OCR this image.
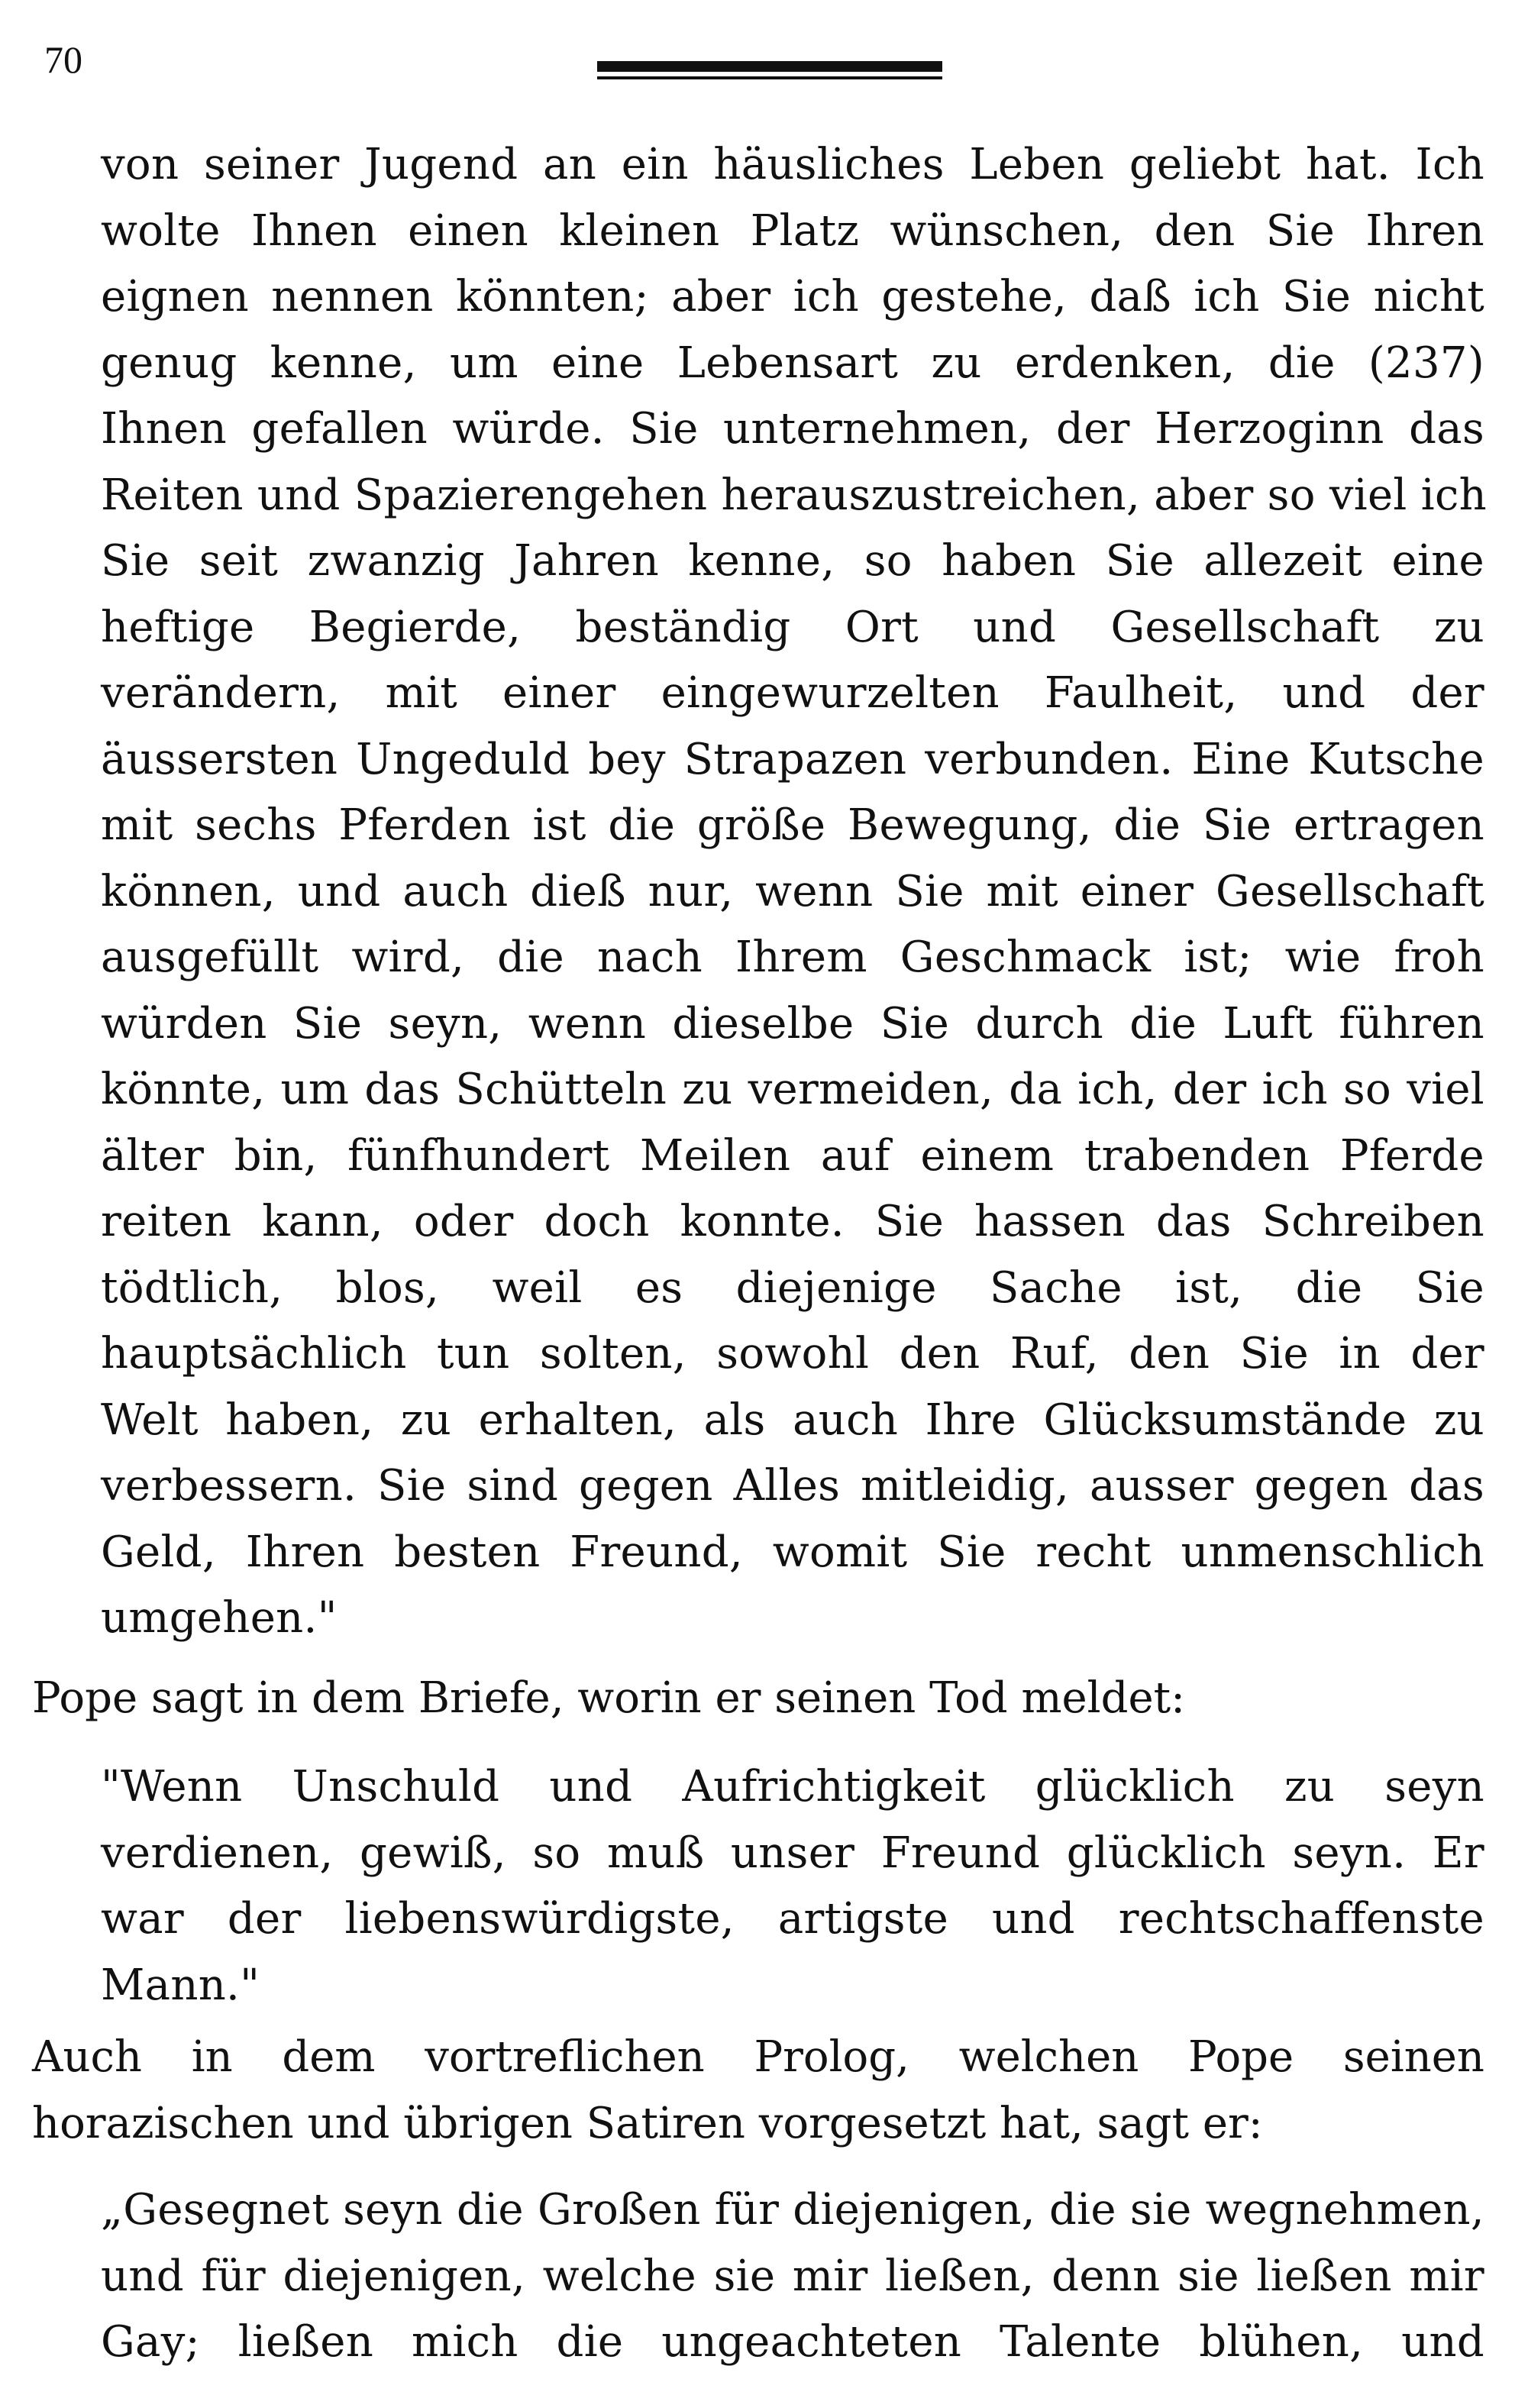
70
von seiner Jugend an ein häusliches Leben geliebt hat. Ich
wolte Ihnen einen kleinen Platz wünschen, den Sie Ihren
eignen nennen könnten; aber ich gestehe, daß ich Sie nicht
genug kenne, um eine Lebensart zu erdenken, die (237)
Ihnen gefallen würde. Sie unternehmen, der Herzoginn das
Reiten und Spazierengehen herauszustreichen, aber so viel ich
Sie seit zwanzig Jahren kenne, so haben Sie allezeit eine
heftige Begierde, beständig Ort und Gesellschaft zu
verändern, mit einer eingewurzelten Faulheit, und der
äussersten Ungeduld bey Strapazen verbunden. Eine Kutsche
mit sechs Pferden ist die größe Bewegung, die Sie ertragen
können, und auch dieß nur, wenn Sie mit einer Gesellschaft
ausgefüllt wird, die nach Ihrem Geschmack ist; wie froh
würden Sie seyn, wenn dieselbe Sie durch die Luft führen
könnte, um das Schütteln zu vermeiden, da ich, der ich so viel
älter bin, fünfhundert Meilen auf einem trabenden Pferde
reiten kann, oder doch konnte. Sie hassen das Schreiben
tödtlich, blos, weil es diejenige Sache ist, die Sie
hauptsächlich tun solten, sowohl den Ruf, den Sie in der
Welt haben, zu erhalten, als auch Ihre Glücksumstände zu
verbessern. Sie sind gegen Alles mitleidig, ausser gegen das
Geld, Ihren besten Freund, womit Sie recht unmenschlich
umgehen."
Pope sagt in dem Briefe, worin er seinen Tod meldet:
"Wenn Unschuld und Aufrichtigkeit glücklich zu seyn
verdienen, gewiß, so muß unser Freund glücklich seyn. Er
war der liebenswürdigste, artigste und rechtschaffenste
Mann."
Auch in dem vortreflichen Prolog, welchen Pope seinen
horazischen und übrigen Satiren vorgesetzt hat, sagt er:
„Gesegnet seyn die Großen für diejenigen, die sie wegnehmen,
und für diejenigen, welche sie mir ließen, denn sie ließen mir
Gay; ließen mich die ungeachteten Talente blühen, und
